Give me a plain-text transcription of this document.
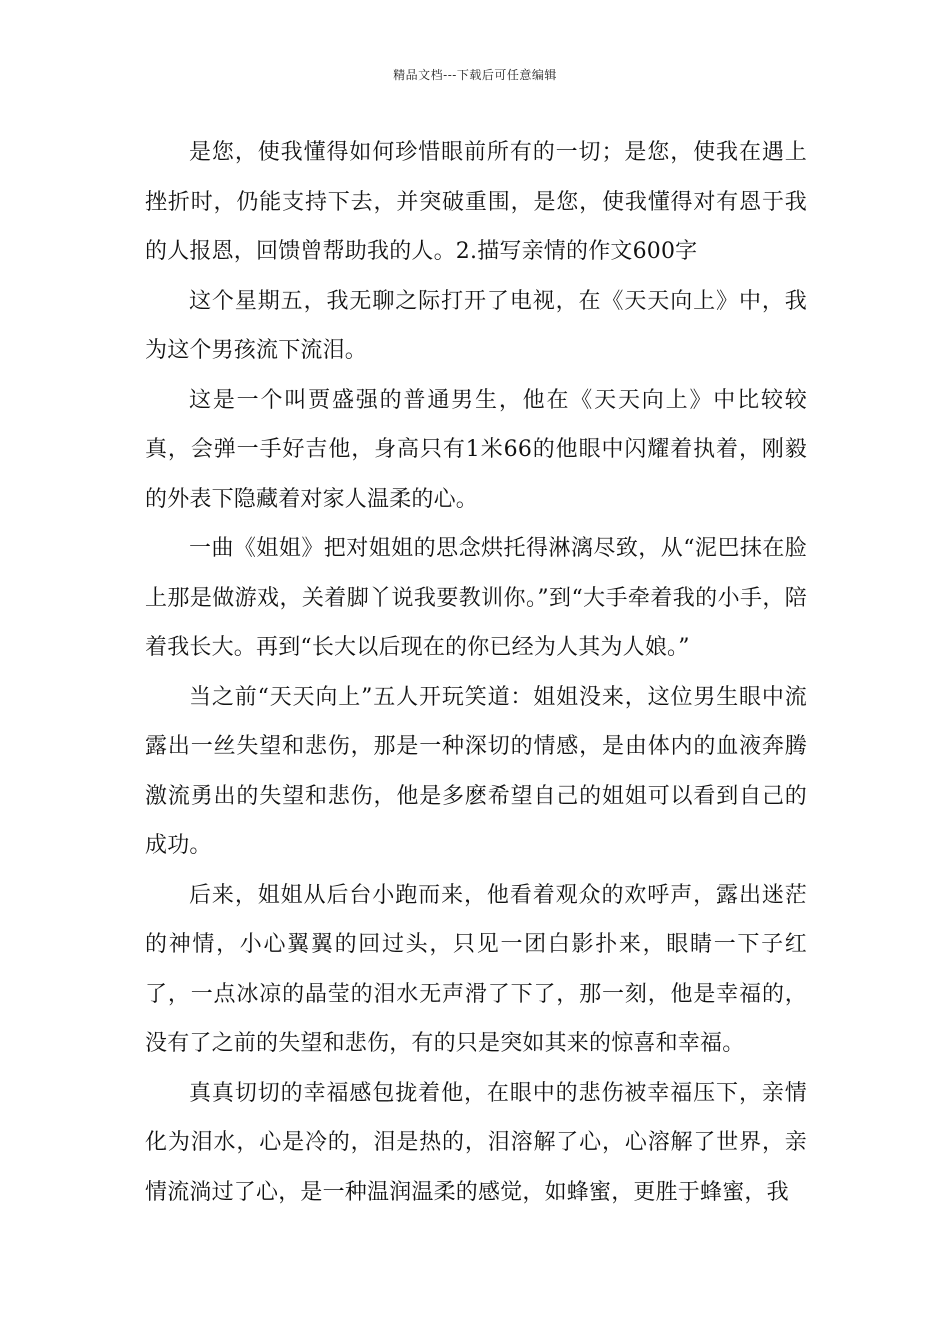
精品文档---下载后可任意编辑

是您，使我懂得如何珍惜眼前所有的一切；是您，使我在遇上挫折时，仍能支持下去，并突破重围，是您，使我懂得对有恩于我的人报恩，回馈曾帮助我的人。2.描写亲情的作文600字

这个星期五，我无聊之际打开了电视，在《天天向上》中，我为这个男孩流下流泪。

这是一个叫贾盛强的普通男生，他在《天天向上》中比较较真，会弹一手好吉他，身高只有1米66的他眼中闪耀着执着，刚毅的外表下隐藏着对家人温柔的心。

一曲《姐姐》把对姐姐的思念烘托得淋漓尽致，从“泥巴抹在脸上那是做游戏，关着脚丫说我要教训你。”到“大手牵着我的小手，陪着我长大。再到“长大以后现在的你已经为人其为人娘。”

当之前“天天向上”五人开玩笑道：姐姐没来，这位男生眼中流露出一丝失望和悲伤，那是一种深切的情感，是由体内的血液奔腾激流勇出的失望和悲伤，他是多麽希望自己的姐姐可以看到自己的成功。

后来，姐姐从后台小跑而来，他看着观众的欢呼声，露出迷茫的神情，小心翼翼的回过头，只见一团白影扑来，眼睛一下子红了，一点冰凉的晶莹的泪水无声滑了下了，那一刻，他是幸福的，没有了之前的失望和悲伤，有的只是突如其来的惊喜和幸福。

真真切切的幸福感包拢着他，在眼中的悲伤被幸福压下，亲情化为泪水，心是冷的，泪是热的，泪溶解了心，心溶解了世界，亲情流淌过了心，是一种温润温柔的感觉，如蜂蜜，更胜于蜂蜜，我
